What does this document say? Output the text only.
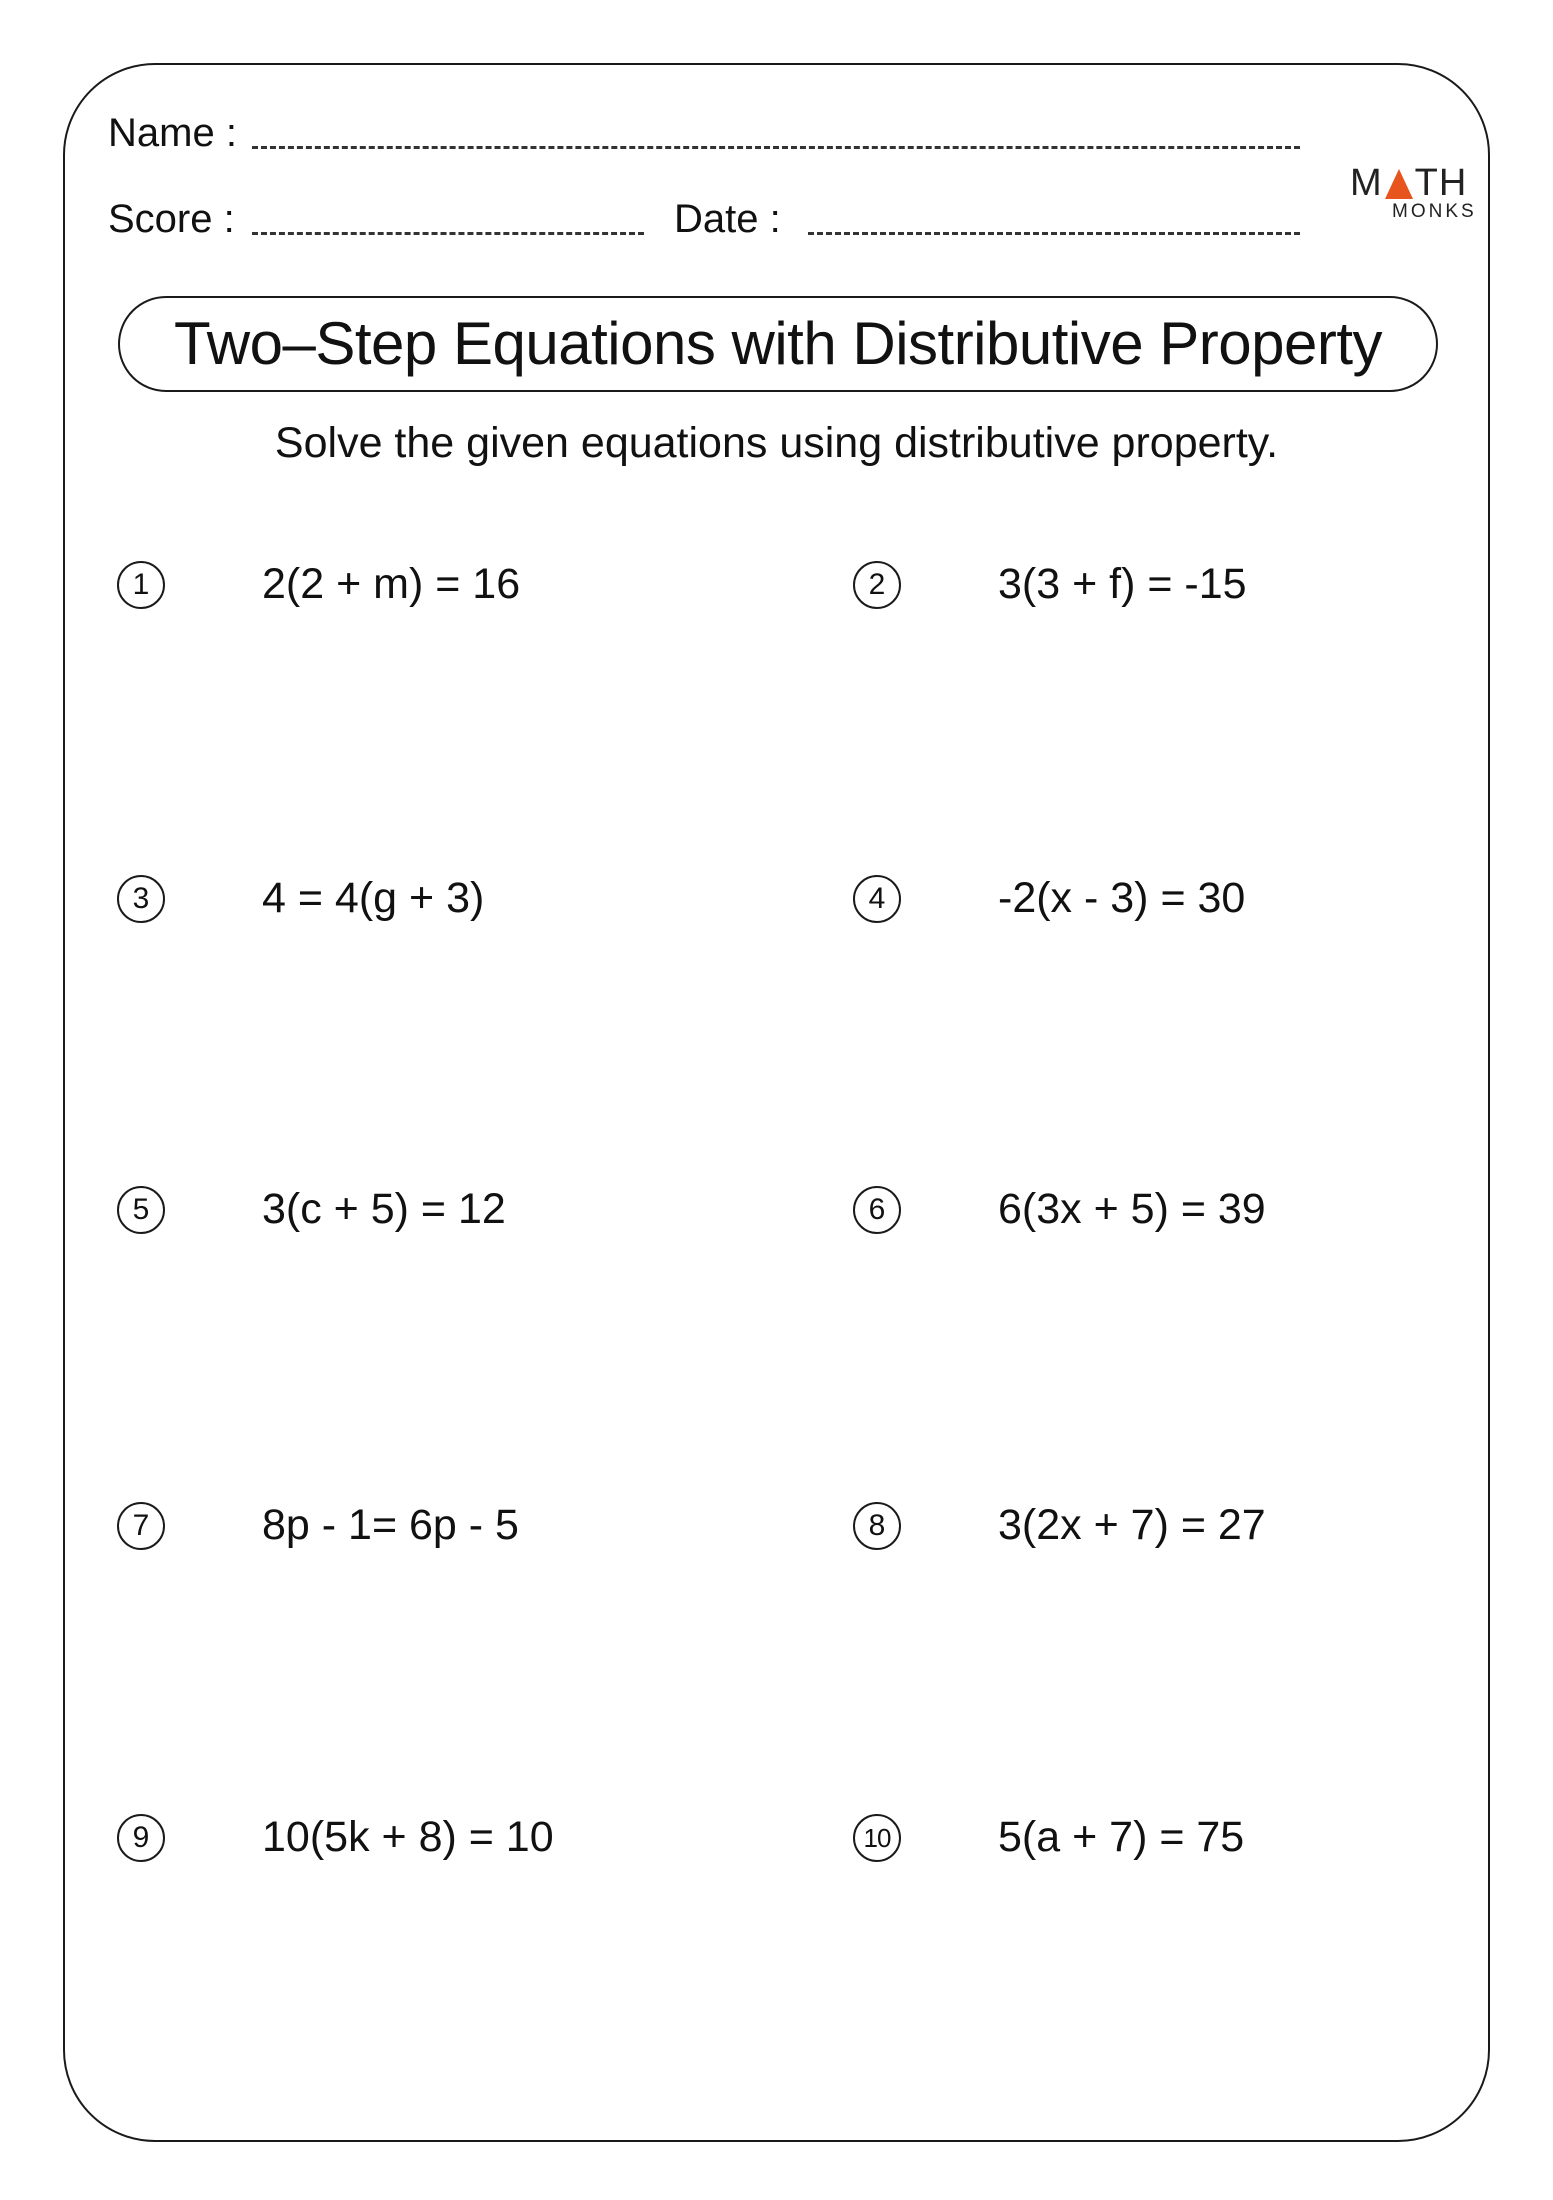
Name :
Score :	Date :
M TH
MONKS
Two–Step Equations with Distributive Property
Solve the given equations using distributive property.
1	2(2 + m) = 16	2	3(3 + f) = -15
3	4 = 4(g + 3)	4	-2(x - 3) = 30
5	3(c + 5) = 12	6	6(3x + 5) = 39
7	8p - 1= 6p - 5	8	3(2x + 7) = 27
9	10(5k + 8) = 10	10	5(a + 7) = 75
